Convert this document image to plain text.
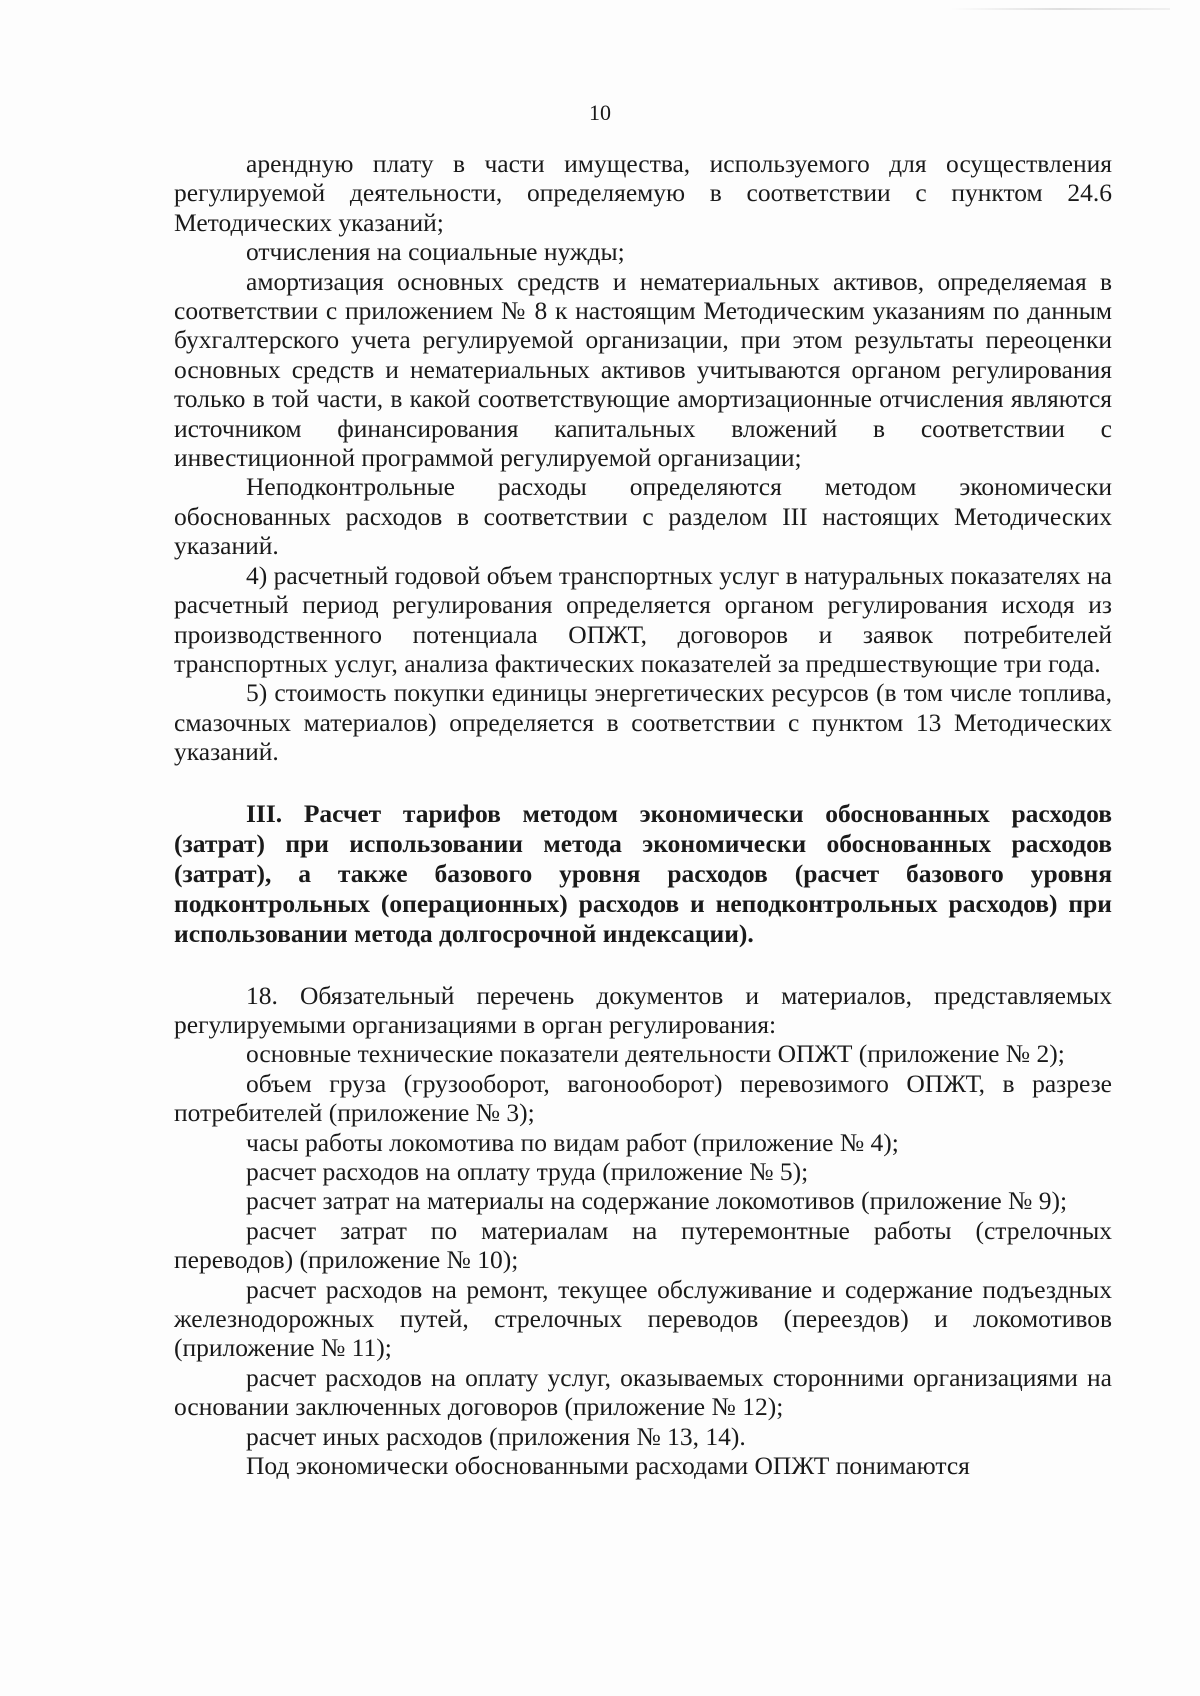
10

арендную плату в части имущества, используемого для осуществления регулируемой деятельности, определяемую в соответствии с пунктом 24.6 Методических указаний;

отчисления на социальные нужды;

амортизация основных средств и нематериальных активов, определяемая в соответствии с приложением № 8 к настоящим Методическим указаниям по данным бухгалтерского учета регулируемой организации, при этом результаты переоценки основных средств и нематериальных активов учитываются органом регулирования только в той части, в какой соответствующие амортизационные отчисления являются источником финансирования капитальных вложений в соответствии с инвестиционной программой регулируемой организации;

Неподконтрольные расходы определяются методом экономически обоснованных расходов в соответствии с разделом III настоящих Методических указаний.

4) расчетный годовой объем транспортных услуг в натуральных показателях на расчетный период регулирования определяется органом регулирования исходя из производственного потенциала ОПЖТ, договоров и заявок потребителей транспортных услуг, анализа фактических показателей за предшествующие три года.

5) стоимость покупки единицы энергетических ресурсов (в том числе топлива, смазочных материалов) определяется в соответствии с пунктом 13 Методических указаний.

III. Расчет тарифов методом экономически обоснованных расходов (затрат) при использовании метода экономически обоснованных расходов (затрат), а также базового уровня расходов (расчет базового уровня подконтрольных (операционных) расходов и неподконтрольных расходов) при использовании метода долгосрочной индексации).

18. Обязательный перечень документов и материалов, представляемых регулируемыми организациями в орган регулирования:

основные технические показатели деятельности ОПЖТ (приложение № 2);

объем груза (грузооборот, вагонооборот) перевозимого ОПЖТ, в разрезе потребителей (приложение № 3);

часы работы локомотива по видам работ (приложение № 4);

расчет расходов на оплату труда (приложение № 5);

расчет затрат на материалы на содержание локомотивов (приложение № 9);

расчет затрат по материалам на путеремонтные работы (стрелочных переводов) (приложение № 10);

расчет расходов на ремонт, текущее обслуживание и содержание подъездных железнодорожных путей, стрелочных переводов (переездов) и локомотивов (приложение № 11);

расчет расходов на оплату услуг, оказываемых сторонними организациями на основании заключенных договоров (приложение № 12);

расчет иных расходов (приложения № 13, 14).

Под экономически обоснованными расходами ОПЖТ понимаются
